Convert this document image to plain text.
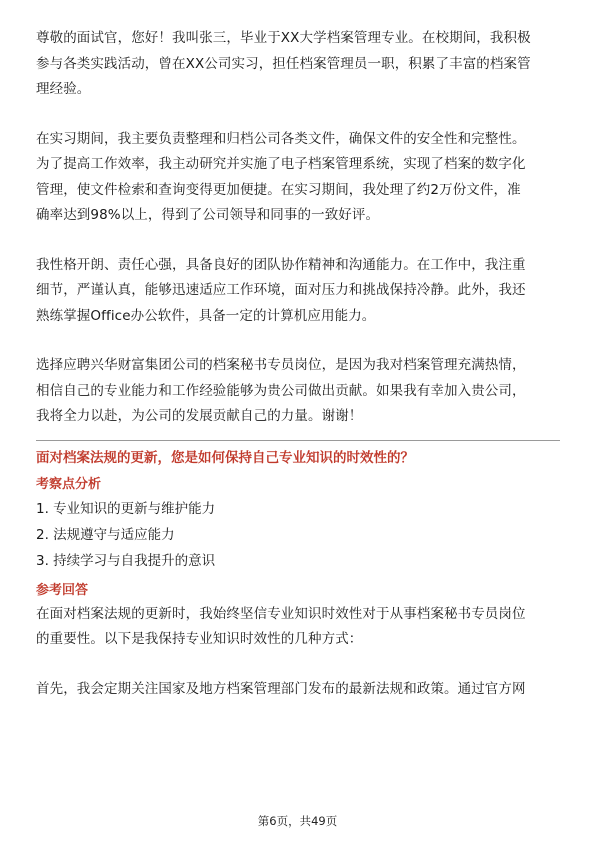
尊敬的面试官，您好！我叫张三，毕业于XX大学档案管理专业。在校期间，我积极
参与各类实践活动，曾在XX公司实习，担任档案管理员一职，积累了丰富的档案管
理经验。

在实习期间，我主要负责整理和归档公司各类文件，确保文件的安全性和完整性。
为了提高工作效率，我主动研究并实施了电子档案管理系统，实现了档案的数字化
管理，使文件检索和查询变得更加便捷。在实习期间，我处理了约2万份文件，准
确率达到98%以上，得到了公司领导和同事的一致好评。

我性格开朗、责任心强，具备良好的团队协作精神和沟通能力。在工作中，我注重
细节，严谨认真，能够迅速适应工作环境，面对压力和挑战保持冷静。此外，我还
熟练掌握Office办公软件，具备一定的计算机应用能力。

选择应聘兴华财富集团公司的档案秘书专员岗位，是因为我对档案管理充满热情，
相信自己的专业能力和工作经验能够为贵公司做出贡献。如果我有幸加入贵公司，
我将全力以赴，为公司的发展贡献自己的力量。谢谢！

面对档案法规的更新，您是如何保持自己专业知识的时效性的？

考察点分析

1. 专业知识的更新与维护能力
2. 法规遵守与适应能力
3. 持续学习与自我提升的意识

参考回答

在面对档案法规的更新时，我始终坚信专业知识时效性对于从事档案秘书专员岗位
的重要性。以下是我保持专业知识时效性的几种方式：

首先，我会定期关注国家及地方档案管理部门发布的最新法规和政策。通过官方网

第6页，共49页
